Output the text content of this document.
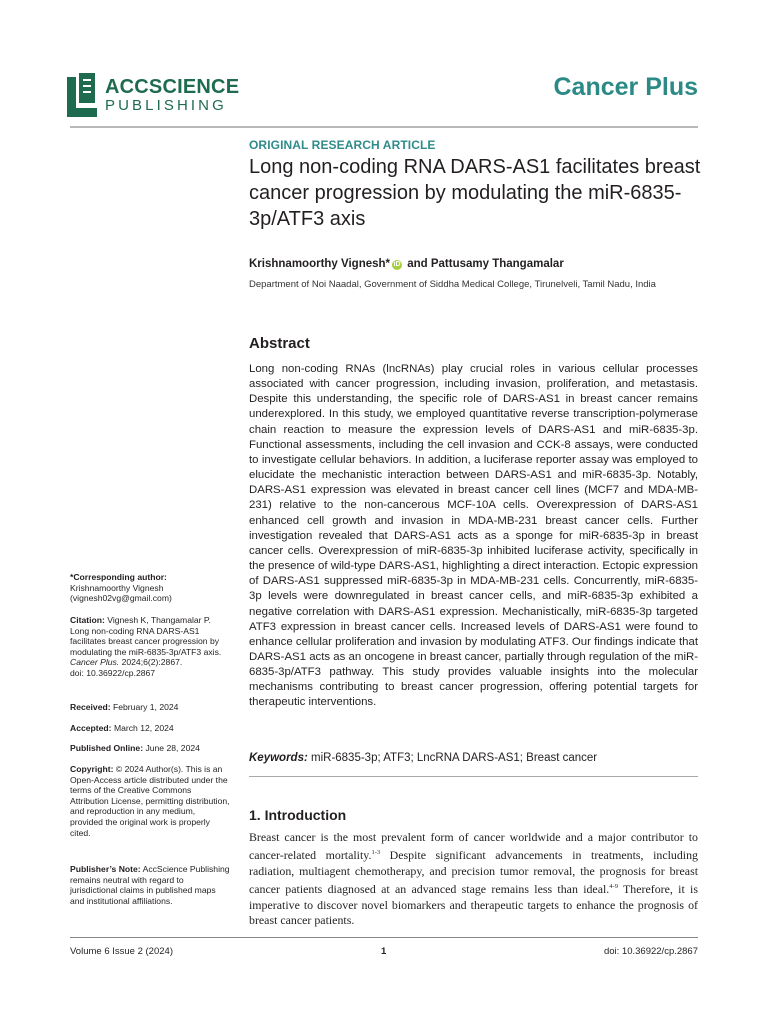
ACCSCIENCE
PUBLISHING
Cancer Plus
ORIGINAL RESEARCH ARTICLE
Long non-coding RNA DARS-AS1 facilitates breast cancer progression by modulating the miR-6835-3p/ATF3 axis
Krishnamoorthy Vignesh* iD and Pattusamy Thangamalar
Department of Noi Naadal, Government of Siddha Medical College, Tirunelveli, Tamil Nadu, India
Abstract
Long non-coding RNAs (lncRNAs) play crucial roles in various cellular processes associated with cancer progression, including invasion, proliferation, and metastasis. Despite this understanding, the specific role of DARS-AS1 in breast cancer remains underexplored. In this study, we employed quantitative reverse transcription-polymerase chain reaction to measure the expression levels of DARS-AS1 and miR-6835-3p. Functional assessments, including the cell invasion and CCK-8 assays, were conducted to investigate cellular behaviors. In addition, a luciferase reporter assay was employed to elucidate the mechanistic interaction between DARS-AS1 and miR-6835-3p. Notably, DARS-AS1 expression was elevated in breast cancer cell lines (MCF7 and MDA-MB-231) relative to the non-cancerous MCF-10A cells. Overexpression of DARS-AS1 enhanced cell growth and invasion in MDA-MB-231 breast cancer cells. Further investigation revealed that DARS-AS1 acts as a sponge for miR-6835-3p in breast cancer cells. Overexpression of miR-6835-3p inhibited luciferase activity, specifically in the presence of wild-type DARS-AS1, highlighting a direct interaction. Ectopic expression of DARS-AS1 suppressed miR-6835-3p in MDA-MB-231 cells. Concurrently, miR-6835-3p levels were downregulated in breast cancer cells, and miR-6835-3p exhibited a negative correlation with DARS-AS1 expression. Mechanistically, miR-6835-3p targeted ATF3 expression in breast cancer cells. Increased levels of DARS-AS1 were found to enhance cellular proliferation and invasion by modulating ATF3. Our findings indicate that DARS-AS1 acts as an oncogene in breast cancer, partially through regulation of the miR-6835-3p/ATF3 pathway. This study provides valuable insights into the molecular mechanisms contributing to breast cancer progression, offering potential targets for therapeutic interventions.
Keywords: miR-6835-3p; ATF3; LncRNA DARS-AS1; Breast cancer
1. Introduction
Breast cancer is the most prevalent form of cancer worldwide and a major contributor to cancer-related mortality.$^{1-3}$ Despite significant advancements in treatments, including radiation, multiagent chemotherapy, and precision tumor removal, the prognosis for breast cancer patients diagnosed at an advanced stage remains less than ideal.$^{4-9}$ Therefore, it is imperative to discover novel biomarkers and therapeutic targets to enhance the prognosis of breast cancer patients.
*Corresponding author:
Krishnamoorthy Vignesh
(vignesh02vg@gmail.com)
Citation: Vignesh K, Thangamalar P. Long non-coding RNA DARS-AS1 facilitates breast cancer progression by modulating the miR-6835-3p/ATF3 axis. Cancer Plus. 2024;6(2):2867.
doi: 10.36922/cp.2867
Received: February 1, 2024
Accepted: March 12, 2024
Published Online: June 28, 2024
Copyright: © 2024 Author(s). This is an Open-Access article distributed under the terms of the Creative Commons Attribution License, permitting distribution, and reproduction in any medium, provided the original work is properly cited.
Publisher’s Note: AccScience Publishing remains neutral with regard to jurisdictional claims in published maps and institutional affiliations.
Volume 6 Issue 2 (2024)	1	doi: 10.36922/cp.2867
